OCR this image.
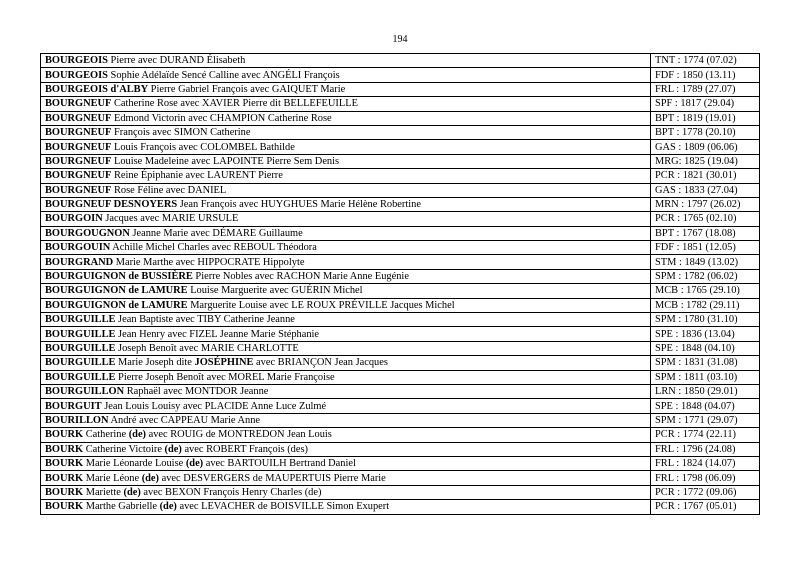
194
BOURGEOIS Pierre avec DURAND Élisabeth	TNT : 1774 (07.02)
BOURGEOIS Sophie Adélaïde Sencé Calline avec ANGÉLI François	FDF : 1850 (13.11)
BOURGEOIS d'ALBY Pierre Gabriel François avec GAIQUET Marie	FRL : 1789 (27.07)
BOURGNEUF Catherine Rose avec XAVIER Pierre dit BELLEFEUILLE	SPF : 1817 (29.04)
BOURGNEUF Edmond Victorin avec CHAMPION Catherine Rose	BPT : 1819 (19.01)
BOURGNEUF François avec SIMON Catherine	BPT : 1778 (20.10)
BOURGNEUF Louis François avec COLOMBEL Bathilde	GAS : 1809 (06.06)
BOURGNEUF Louise Madeleine avec LAPOINTE Pierre Sem Denis	MRG: 1825 (19.04)
BOURGNEUF Reine Épiphanie avec LAURENT Pierre	PCR : 1821 (30.01)
BOURGNEUF Rose Féline avec DANIEL	GAS : 1833 (27.04)
BOURGNEUF DESNOYERS Jean François avec HUYGHUES Marie Hélène Robertine	MRN : 1797 (26.02)
BOURGOIN Jacques avec MARIE URSULE	PCR : 1765 (02.10)
BOURGOUGNON Jeanne Marie avec DÉMARE Guillaume	BPT : 1767 (18.08)
BOURGOUIN Achille Michel Charles avec REBOUL Théodora	FDF : 1851 (12.05)
BOURGRAND Marie Marthe avec HIPPOCRATE Hippolyte	STM : 1849 (13.02)
BOURGUIGNON de BUSSIÈRE Pierre Nobles avec RACHON Marie Anne Eugénie	SPM : 1782 (06.02)
BOURGUIGNON de LAMURE Louise Marguerite avec GUÉRIN Michel	MCB : 1765 (29.10)
BOURGUIGNON de LAMURE Marguerite Louise avec LE ROUX PRÉVILLE Jacques Michel	MCB : 1782 (29.11)
BOURGUILLE Jean Baptiste avec TIBY Catherine Jeanne	SPM : 1780 (31.10)
BOURGUILLE Jean Henry avec FIZEL Jeanne Marie Stéphanie	SPE : 1836 (13.04)
BOURGUILLE Joseph Benoît avec MARIE CHARLOTTE	SPE : 1848 (04.10)
BOURGUILLE Marie Joseph dite JOSÉPHINE avec BRIANÇON Jean Jacques	SPM : 1831 (31.08)
BOURGUILLE Pierre Joseph Benoît avec MOREL Marie Françoise	SPM : 1811 (03.10)
BOURGUILLON Raphaël avec MONTDOR Jeanne	LRN : 1850 (29.01)
BOURGUIT Jean Louis Louisy avec PLACIDE Anne Luce Zulmé	SPE : 1848 (04.07)
BOURILLON André avec CAPPEAU Marie Anne	SPM : 1771 (29.07)
BOURK Catherine (de) avec ROUIG de MONTREDON Jean Louis	PCR : 1774 (22.11)
BOURK Catherine Victoire (de) avec ROBERT François (des)	FRL : 1796 (24.08)
BOURK Marie Léonarde Louise (de) avec BARTOUILH Bertrand Daniel	FRL : 1824 (14.07)
BOURK Marie Léone (de) avec DESVERGERS de MAUPERTUIS Pierre Marie	FRL : 1798 (06.09)
BOURK Mariette (de) avec BEXON François Henry Charles (de)	PCR : 1772 (09.06)
BOURK Marthe Gabrielle (de) avec LEVACHER de BOISVILLE Simon Exupert	PCR : 1767 (05.01)
